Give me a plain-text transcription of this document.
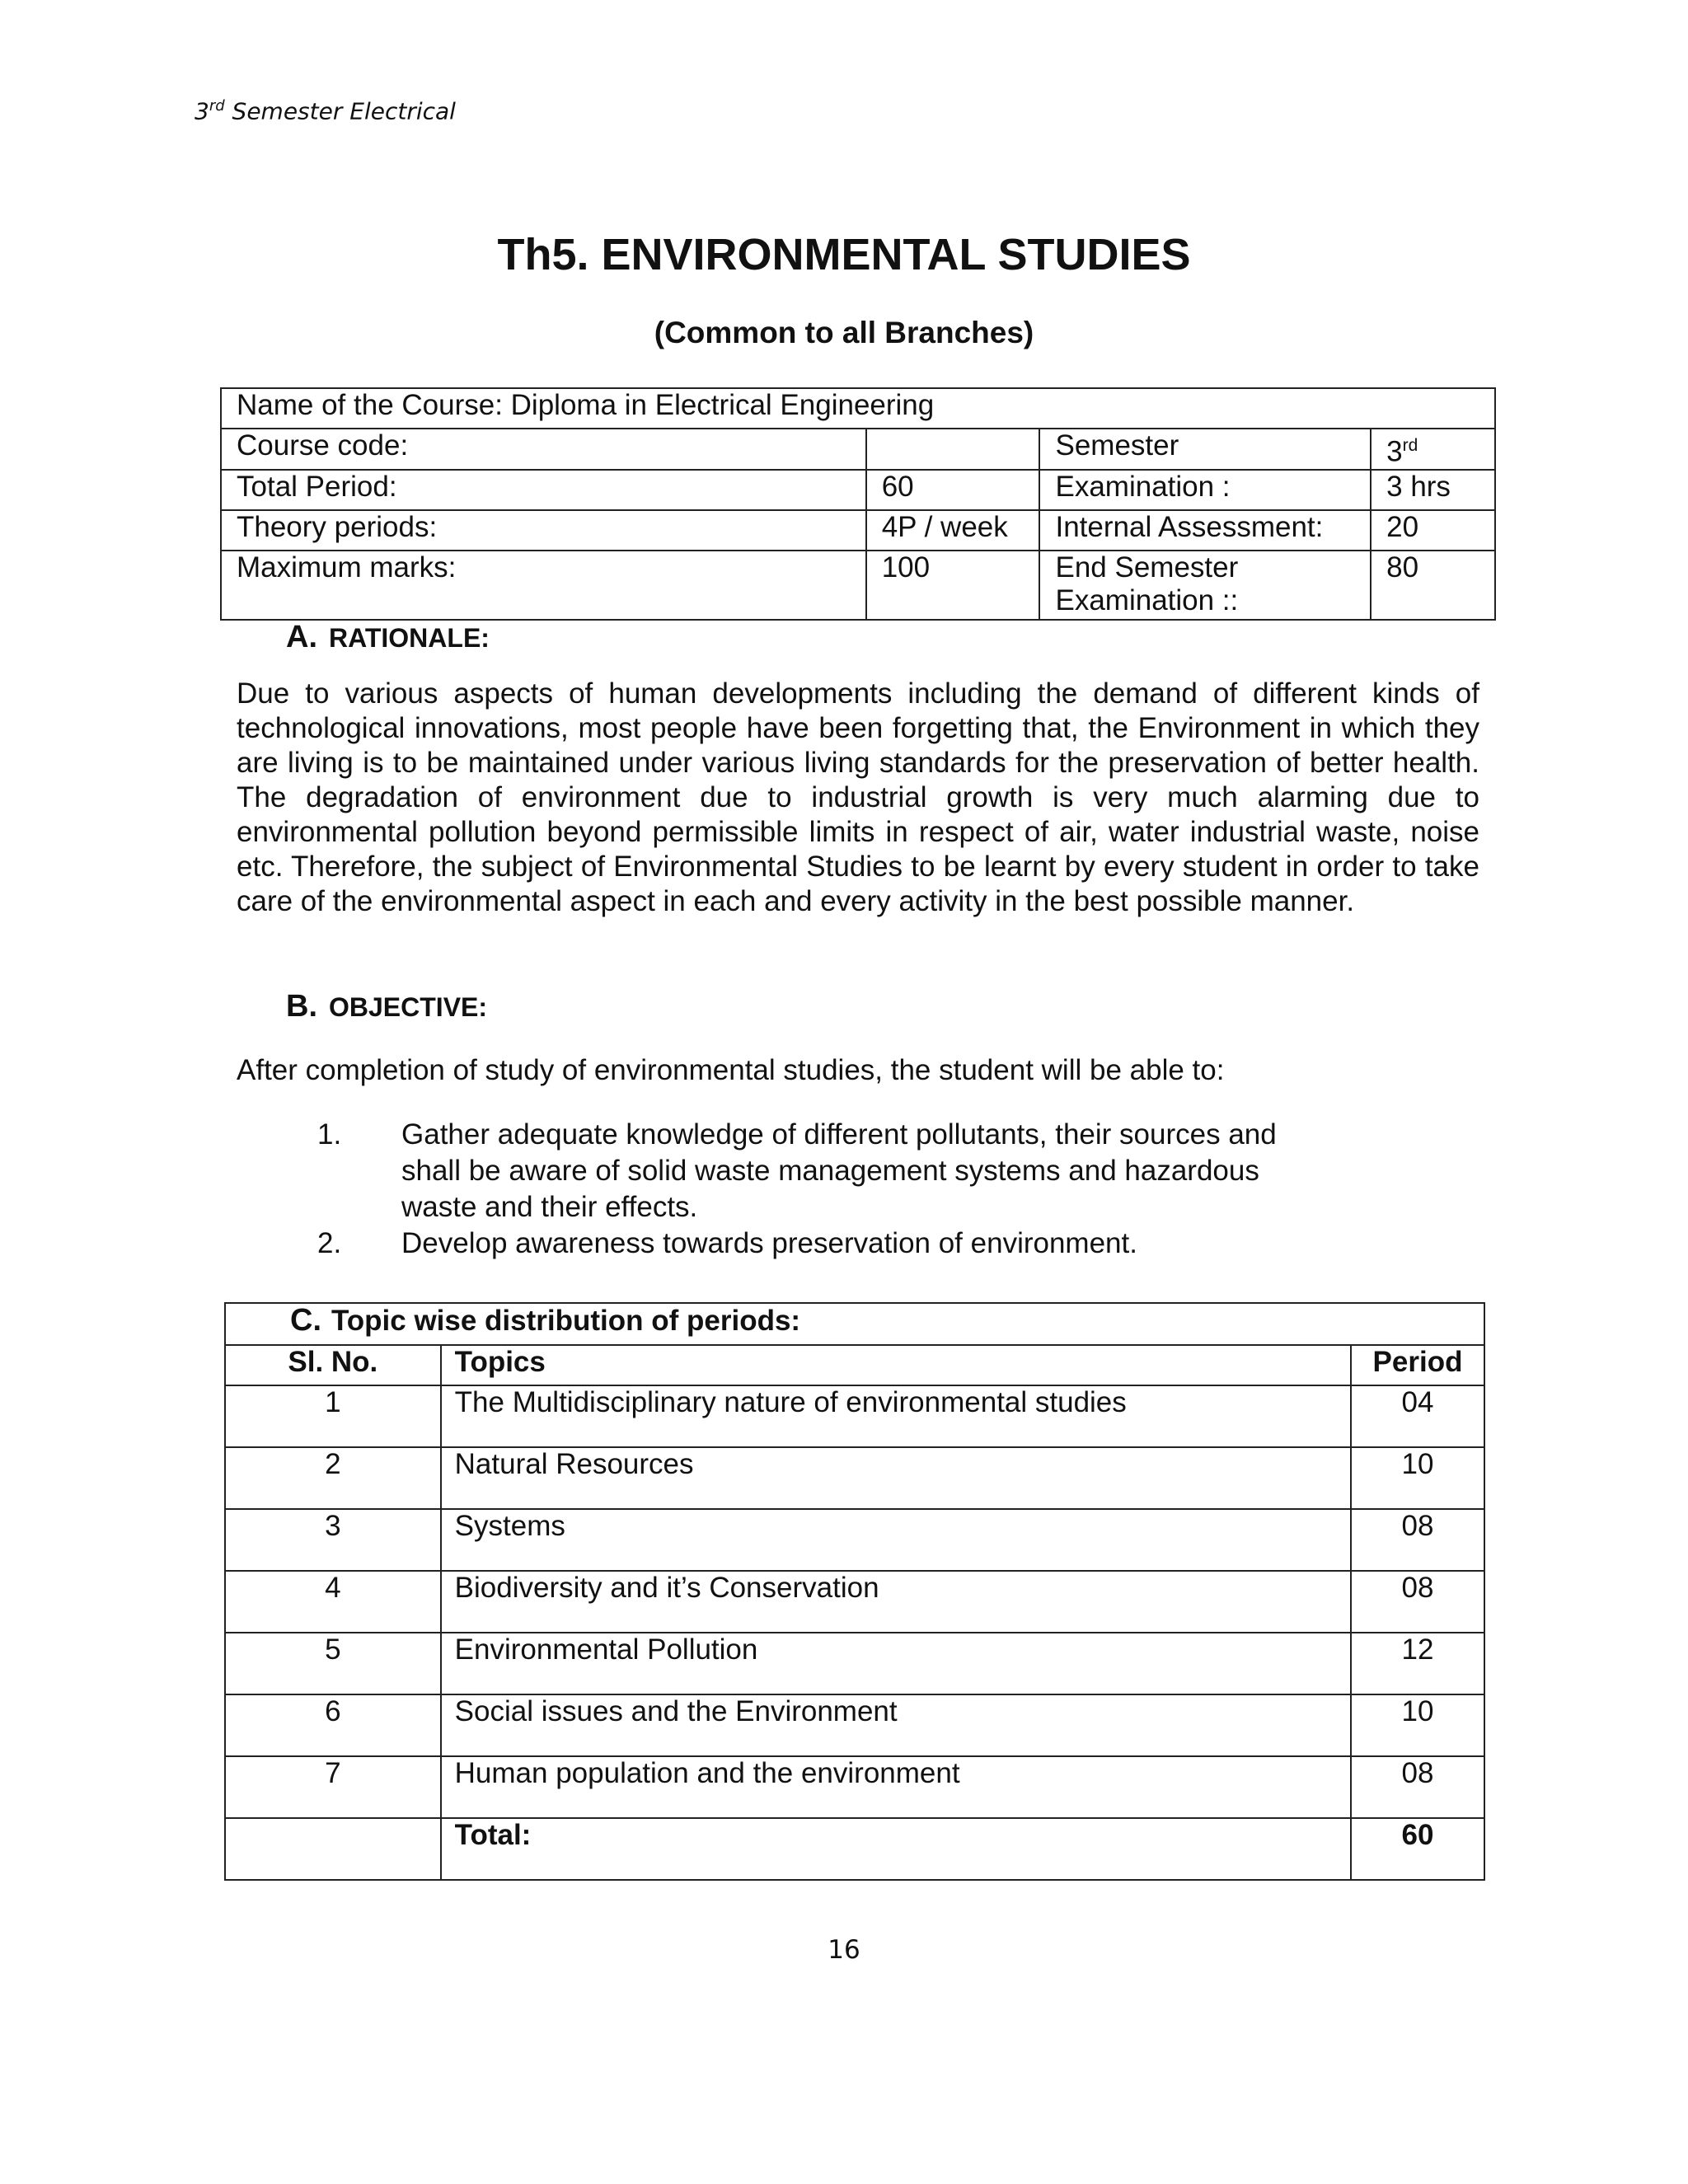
3rd Semester Electrical
Th5. ENVIRONMENTAL STUDIES
(Common to all Branches)
Name of the Course: Diploma in Electrical Engineering			
Course code:		Semester	3rd
Total Period:	60	Examination :	3 hrs
Theory periods:	4P / week	Internal Assessment:	20
Maximum marks:	100	End Semester Examination ::	80
A. RATIONALE:

Due to various aspects of human developments including the demand of different kinds of technological innovations, most people have been forgetting that, the Environment in which they are living is to be maintained under various living standards for the preservation of better health. The degradation of environment due to industrial growth is very much alarming due to environmental pollution beyond permissible limits in respect of air, water industrial waste, noise etc. Therefore, the subject of Environmental Studies to be learnt by every student in order to take care of the environmental aspect in each and every activity in the best possible manner.

B. OBJECTIVE:

After completion of study of environmental studies, the student will be able to:

1.	Gather adequate knowledge of different pollutants, their sources and shall be aware of solid waste management systems and hazardous waste and their effects.
2.	Develop awareness towards preservation of environment.
C. Topic wise distribution of periods:		
Sl. No.	Topics	Period
1	The Multidisciplinary nature of environmental studies	04
2	Natural Resources	10
3	Systems	08
4	Biodiversity and it’s Conservation	08
5	Environmental Pollution	12
6	Social issues and the Environment	10
7	Human population and the environment	08
	Total:	60
16
